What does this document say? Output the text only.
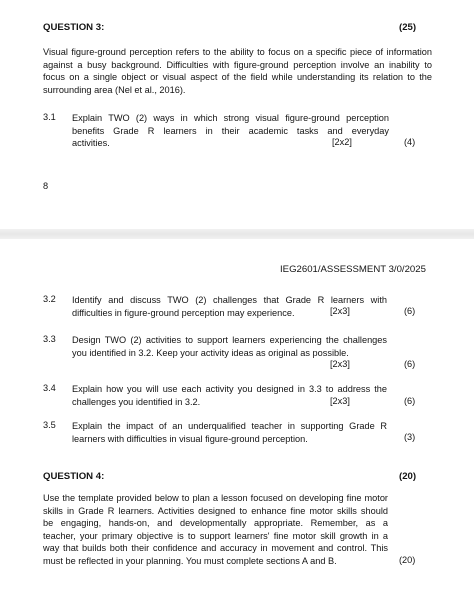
QUESTION 3:	(25)
Visual figure-ground perception refers to the ability to focus on a specific piece of information
against a busy background. Difficulties with figure-ground perception involve an inability to
focus on a single object or visual aspect of the field while understanding its relation to the
surrounding area (Nel et al., 2016).
3.1	Explain TWO (2) ways in which strong visual figure-ground perception
benefits Grade R learners in their academic tasks and everyday
activities.	[2x2]	(4)
8
IEG2601/ASSESSMENT 3/0/2025
3.2	Identify and discuss TWO (2) challenges that Grade R learners with
difficulties in figure-ground perception may experience.	[2x3]	(6)
3.3	Design TWO (2) activities to support learners experiencing the challenges
you identified in 3.2. Keep your activity ideas as original as possible.
[2x3]	(6)
3.4	Explain how you will use each activity you designed in 3.3 to address the
challenges you identified in 3.2.	[2x3]	(6)
3.5	Explain the impact of an underqualified teacher in supporting Grade R
learners with difficulties in visual figure-ground perception.	(3)
QUESTION 4:	(20)
Use the template provided below to plan a lesson focused on developing fine motor
skills in Grade R learners. Activities designed to enhance fine motor skills should
be engaging, hands-on, and developmentally appropriate. Remember, as a
teacher, your primary objective is to support learners' fine motor skill growth in a
way that builds both their confidence and accuracy in movement and control. This
must be reflected in your planning. You must complete sections A and B.	(20)
